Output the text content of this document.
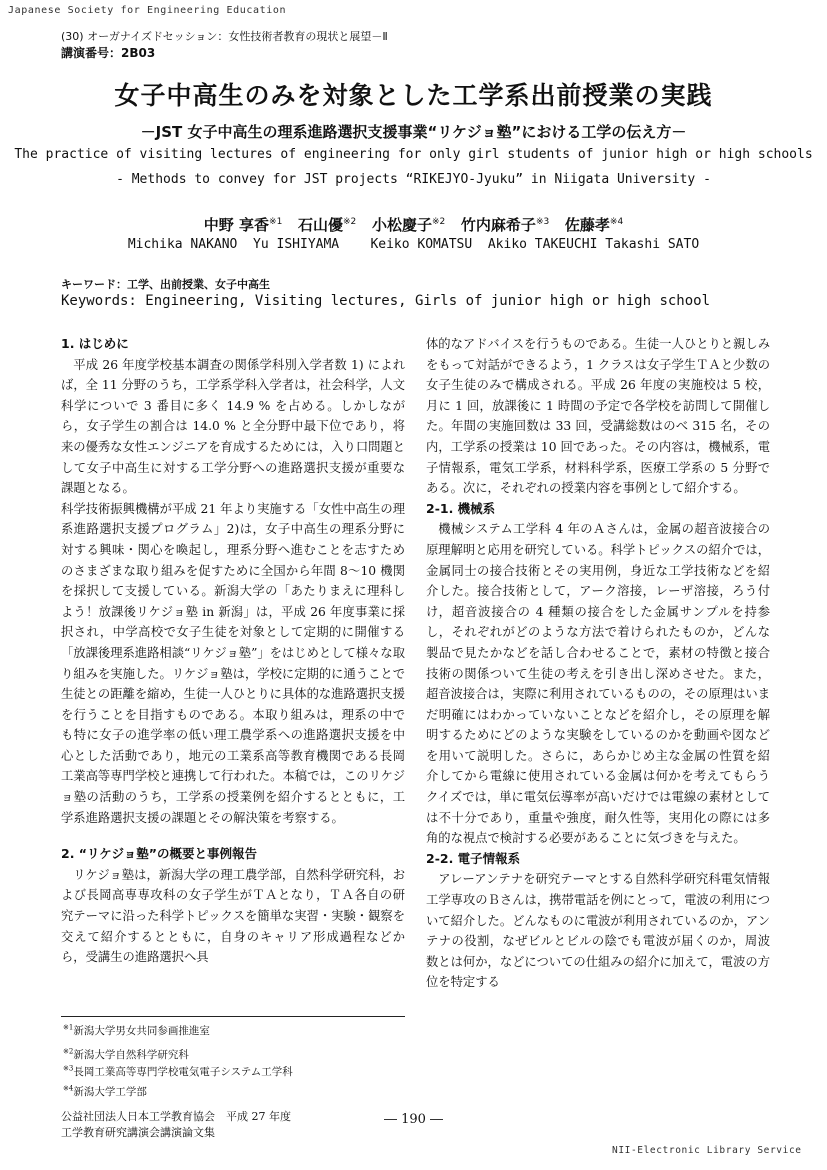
Japanese Society for Engineering Education
(30) オーガナイズドセッション：女性技術者教育の現状と展望－Ⅱ
講演番号：2B03
女子中高生のみを対象とした工学系出前授業の実践
－JST 女子中高生の理系進路選択支援事業“リケジョ塾”における工学の伝え方－
The practice of visiting lectures of engineering for only girl students of junior high or high schools
- Methods to convey for JST projects “RIKEJYO-Jyuku” in Niigata University -
中野 享香$^{※1}$ 石山優$^{※2}$ 小松慶子$^{※2}$ 竹内麻希子$^{※3}$ 佐藤孝$^{※4}$
Michika NAKANO  Yu ISHIYAMA    Keiko KOMATSU  Akiko TAKEUCHI Takashi SATO
キーワード：工学、出前授業、女子中高生
Keywords: Engineering, Visiting lectures, Girls of junior high or high school
1. はじめに

平成 26 年度学校基本調査の関係学科別入学者数 1) によれば，全 11 分野のうち，工学系学科入学者は，社会科学，人文科学についで 3 番目に多く 14.9 % を占める。しかしながら，女子学生の割合は 14.0 % と全分野中最下位であり，将来の優秀な女性エンジニアを育成するためには，入り口問題として女子中高生に対する工学分野への進路選択支援が重要な課題となる。

科学技術振興機構が平成 21 年より実施する「女性中高生の理系進路選択支援プログラム」2)は，女子中高生の理系分野に対する興味・関心を喚起し，理系分野へ進むことを志すためのさまざまな取り組みを促すために全国から年間 8～10 機関を採択して支援している。新潟大学の「あたりまえに理科しよう！放課後リケジョ塾 in 新潟」は，平成 26 年度事業に採択され，中学高校で女子生徒を対象として定期的に開催する「放課後理系進路相談“リケジョ塾”」をはじめとして様々な取り組みを実施した。リケジョ塾は，学校に定期的に通うことで生徒との距離を縮め，生徒一人ひとりに具体的な進路選択支援を行うことを目指すものである。本取り組みは，理系の中でも特に女子の進学率の低い理工農学系への進路選択支援を中心とした活動であり，地元の工業系高等教育機関である長岡工業高等専門学校と連携して行われた。本稿では，このリケジョ塾の活動のうち，工学系の授業例を紹介するとともに，工学系進路選択支援の課題とその解決策を考察する。

2. “リケジョ塾”の概要と事例報告

リケジョ塾は，新潟大学の理工農学部，自然科学研究科，および長岡高専専攻科の女子学生がＴＡとなり，ＴＡ各自の研究テーマに沿った科学トピックスを簡単な実習・実験・観察を交えて紹介するとともに，自身のキャリア形成過程などから，受講生の進路選択へ具

体的なアドバイスを行うものである。生徒一人ひとりと親しみをもって対話ができるよう，1 クラスは女子学生ＴＡと少数の女子生徒のみで構成される。平成 26 年度の実施校は 5 校，月に 1 回，放課後に 1 時間の予定で各学校を訪問して開催した。年間の実施回数は 33 回，受講総数はのべ 315 名，その内，工学系の授業は 10 回であった。その内容は，機械系，電子情報系，電気工学系，材料科学系，医療工学系の 5 分野である。次に，それぞれの授業内容を事例として紹介する。

2-1. 機械系

機械システム工学科 4 年のＡさんは，金属の超音波接合の原理解明と応用を研究している。科学トピックスの紹介では，金属同士の接合技術とその実用例，身近な工学技術などを紹介した。接合技術として，アーク溶接，レーザ溶接，ろう付け，超音波接合の 4 種類の接合をした金属サンプルを持参し，それぞれがどのような方法で着けられたものか，どんな製品で見たかなどを話し合わせることで，素材の特徴と接合技術の関係ついて生徒の考えを引き出し深めさせた。また，超音波接合は，実際に利用されているものの，その原理はいまだ明確にはわかっていないことなどを紹介し，その原理を解明するためにどのような実験をしているのかを動画や図などを用いて説明した。さらに，あらかじめ主な金属の性質を紹介してから電線に使用されている金属は何かを考えてもらうクイズでは，単に電気伝導率が高いだけでは電線の素材としては不十分であり，重量や強度，耐久性等，実用化の際には多角的な視点で検討する必要があることに気づきを与えた。

2-2. 電子情報系

アレーアンテナを研究テーマとする自然科学研究科電気情報工学専攻のＢさんは，携帯電話を例にとって，電波の利用について紹介した。どんなものに電波が利用されているのか，アンテナの役割，なぜビルとビルの陰でも電波が届くのか，周波数とは何か，などについての仕組みの紹介に加えて，電波の方位を特定する

$^{※1}$新潟大学男女共同参画推進室
$^{※2}$新潟大学自然科学研究科
$^{※3}$長岡工業高等専門学校電気電子システム工学科
$^{※4}$新潟大学工学部
公益社団法人日本工学教育協会　平成 27 年度
工学教育研究講演会講演論文集
― 190 ―
NII-Electronic Library Service
